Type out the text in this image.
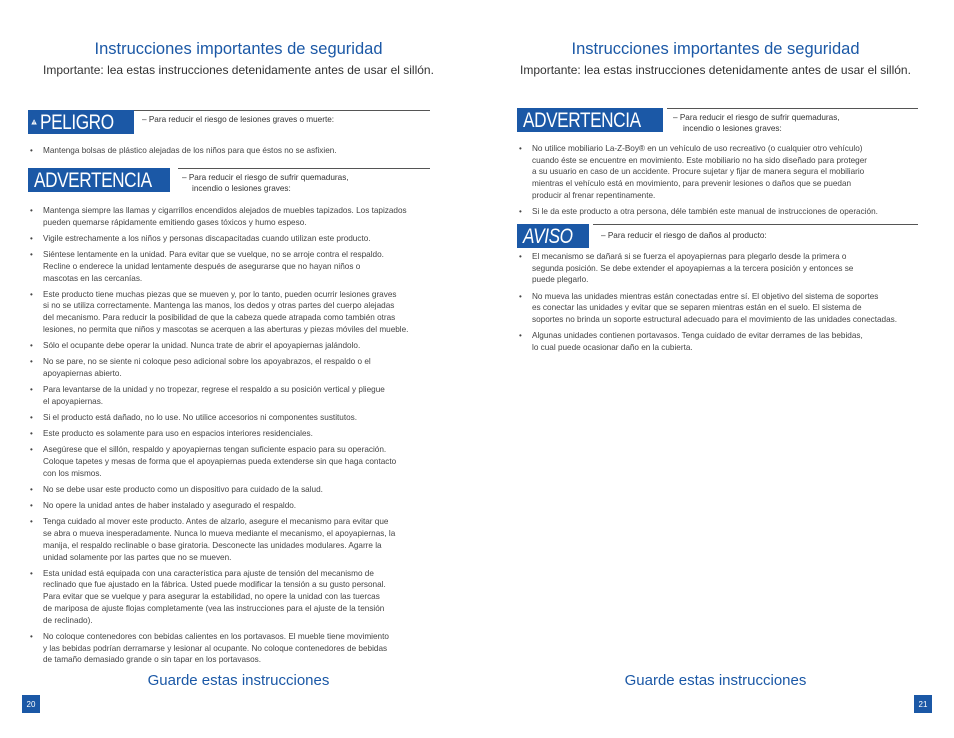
Instrucciones importantes de seguridad
Importante: lea estas instrucciones detenidamente antes de usar el sillón.
PELIGRO	– Para reducir el riesgo de lesiones graves o muerte:
• Mantenga bolsas de plástico alejadas de los niños para que éstos no se asfixien.
ADVERTENCIA	– Para reducir el riesgo de sufrir quemaduras,
incendio o lesiones graves:
• Mantenga siempre las llamas y cigarrillos encendidos alejados de muebles tapizados. Los tapizados
pueden quemarse rápidamente emitiendo gases tóxicos y humo espeso.
• Vigile estrechamente a los niños y personas discapacitadas cuando utilizan este producto.
• Siéntese lentamente en la unidad. Para evitar que se vuelque, no se arroje contra el respaldo.
Recline o enderece la unidad lentamente después de asegurarse que no hayan niños o
mascotas en las cercanías.
• Este producto tiene muchas piezas que se mueven y, por lo tanto, pueden ocurrir lesiones graves
si no se utiliza correctamente. Mantenga las manos, los dedos y otras partes del cuerpo alejadas
del mecanismo. Para reducir la posibilidad de que la cabeza quede atrapada como también otras
lesiones, no permita que niños y mascotas se acerquen a las aberturas y piezas móviles del mueble.
• Sólo el ocupante debe operar la unidad. Nunca trate de abrir el apoyapiernas jalándolo.
• No se pare, no se siente ni coloque peso adicional sobre los apoyabrazos, el respaldo o el
apoyapiernas abierto.
• Para levantarse de la unidad y no tropezar, regrese el respaldo a su posición vertical y pliegue
el apoyapiernas.
• Si el producto está dañado, no lo use. No utilice accesorios ni componentes sustitutos.
• Este producto es solamente para uso en espacios interiores residenciales.
• Asegúrese que el sillón, respaldo y apoyapiernas tengan suficiente espacio para su operación.
Coloque tapetes y mesas de forma que el apoyapiernas pueda extenderse sin que haga contacto
con los mismos.
• No se debe usar este producto como un dispositivo para cuidado de la salud.
• No opere la unidad antes de haber instalado y asegurado el respaldo.
• Tenga cuidado al mover este producto. Antes de alzarlo, asegure el mecanismo para evitar que
se abra o mueva inesperadamente. Nunca lo mueva mediante el mecanismo, el apoyapiernas, la
manija, el respaldo reclinable o base giratoria. Desconecte las unidades modulares. Agarre la
unidad solamente por las partes que no se mueven.
• Esta unidad está equipada con una característica para ajuste de tensión del mecanismo de
reclinado que fue ajustado en la fábrica. Usted puede modificar la tensión a su gusto personal.
Para evitar que se vuelque y para asegurar la estabilidad, no opere la unidad con las tuercas
de mariposa de ajuste flojas completamente (vea las instrucciones para el ajuste de la tensión
de reclinado).
• No coloque contenedores con bebidas calientes en los portavasos. El mueble tiene movimiento
y las bebidas podrían derramarse y lesionar al ocupante. No coloque contenedores de bebidas
de tamaño demasiado grande o sin tapar en los portavasos.
Guarde estas instrucciones
20
Instrucciones importantes de seguridad
Importante: lea estas instrucciones detenidamente antes de usar el sillón.
ADVERTENCIA	– Para reducir el riesgo de sufrir quemaduras,
incendio o lesiones graves:
• No utilice mobiliario La-Z-Boy® en un vehículo de uso recreativo (o cualquier otro vehículo)
cuando éste se encuentre en movimiento. Este mobiliario no ha sido diseñado para proteger
a su usuario en caso de un accidente. Procure sujetar y fijar de manera segura el mobiliario
mientras el vehículo está en movimiento, para prevenir lesiones o daños que se puedan
producir al frenar repentinamente.
• Si le da este producto a otra persona, déle también este manual de instrucciones de operación.
AVISO	– Para reducir el riesgo de daños al producto:
• El mecanismo se dañará si se fuerza el apoyapiernas para plegarlo desde la primera o
segunda posición. Se debe extender el apoyapiernas a la tercera posición y entonces se
puede plegarlo.
• No mueva las unidades mientras están conectadas entre sí. El objetivo del sistema de soportes
es conectar las unidades y evitar que se separen mientras están en el suelo. El sistema de
soportes no brinda un soporte estructural adecuado para el movimiento de las unidades conectadas.
• Algunas unidades contienen portavasos. Tenga cuidado de evitar derrames de las bebidas,
lo cual puede ocasionar daño en la cubierta.
Guarde estas instrucciones
21
